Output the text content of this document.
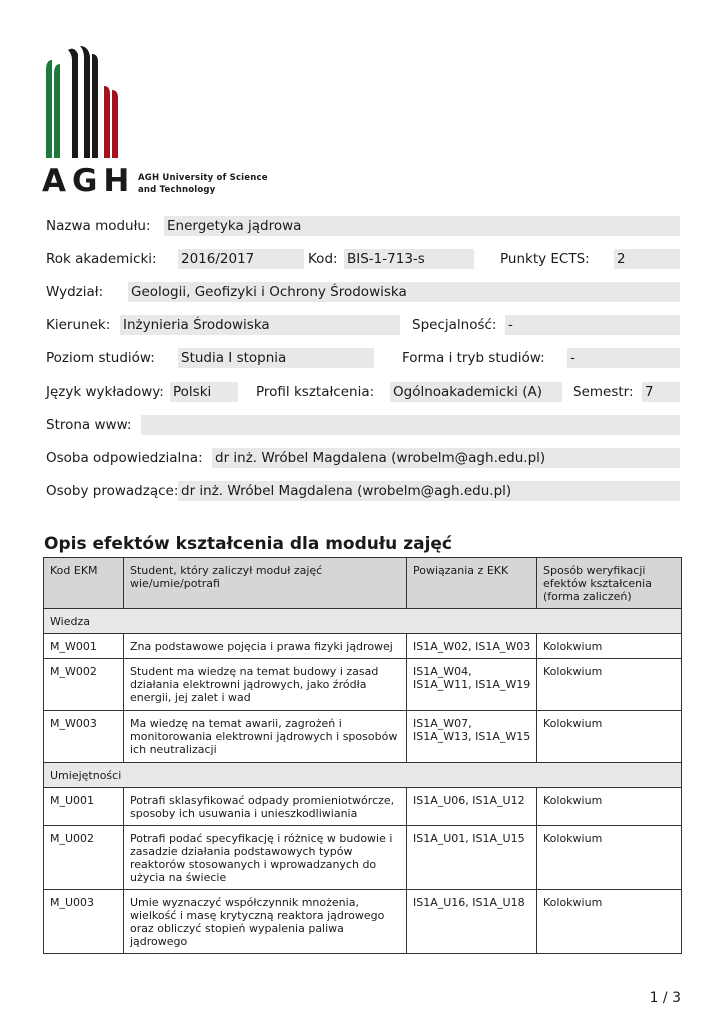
AGH AGH University of Science
and Technology
Nazwa modułu: Energetyka jądrowa
Rok akademicki: 2016/2017	Kod: BIS-1-713-s	Punkty ECTS: 2
Wydział: Geologii, Geofizyki i Ochrony Środowiska
Kierunek: Inżynieria Środowiska	Specjalność: -
Poziom studiów: Studia I stopnia	Forma i tryb studiów: -
Język wykładowy: Polski	Profil kształcenia: Ogólnoakademicki (A)	Semestr: 7
Strona www:
Osoba odpowiedzialna: dr inż. Wróbel Magdalena (wrobelm@agh.edu.pl)
Osoby prowadzące: dr inż. Wróbel Magdalena (wrobelm@agh.edu.pl)
Opis efektów kształcenia dla modułu zajęć
Kod EKM	Student, który zaliczył moduł zajęć wie/umie/potrafi	Powiązania z EKK	Sposób weryfikacji efektów kształcenia (forma zaliczeń)
Wiedza			
M_W001	Zna podstawowe pojęcia i prawa fizyki jądrowej	IS1A_W02, IS1A_W03	Kolokwium
M_W002	Student ma wiedzę na temat budowy i zasad działania elektrowni jądrowych, jako źródła energii, jej zalet i wad	IS1A_W04, IS1A_W11, IS1A_W19	Kolokwium
M_W003	Ma wiedzę na temat awarii, zagrożeń i monitorowania elektrowni jądrowych i sposobów ich neutralizacji	IS1A_W07, IS1A_W13, IS1A_W15	Kolokwium
Umiejętności			
M_U001	Potrafi sklasyfikować odpady promieniotwórcze, sposoby ich usuwania i unieszkodliwiania	IS1A_U06, IS1A_U12	Kolokwium
M_U002	Potrafi podać specyfikację i różnicę w budowie i zasadzie działania podstawowych typów reaktorów stosowanych i wprowadzanych do użycia na świecie	IS1A_U01, IS1A_U15	Kolokwium
M_U003	Umie wyznaczyć współczynnik mnożenia, wielkość i masę krytyczną reaktora jądrowego oraz obliczyć stopień wypalenia paliwa jądrowego	IS1A_U16, IS1A_U18	Kolokwium
1 / 3
